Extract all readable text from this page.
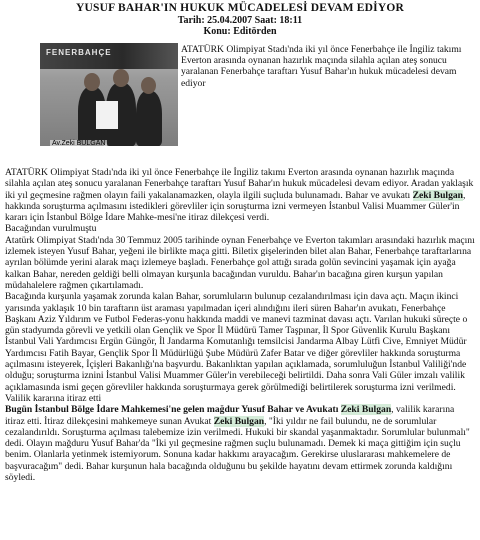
YUSUF BAHAR'IN HUKUK MÜCADELESİ DEVAM EDİYOR
Tarih: 25.04.2007 Saat: 18:11
Konu: Editörden
FENERBAHÇE
Av.Zeki BULGAN
ATATÜRK Olimpiyat Stadı'nda iki yıl önce Fenerbahçe ile İngiliz takımı Everton arasında oynanan hazırlık maçında silahla açılan ateş sonucu yaralanan Fenerbahçe taraftarı Yusuf Bahar'ın hukuk mücadelesi devam ediyor

ATATÜRK Olimpiyat Stadı'nda iki yıl önce Fenerbahçe ile İngiliz takımı Everton arasında oynanan hazırlık maçında silahla açılan ateş sonucu yaralanan Fenerbahçe taraftarı Yusuf Bahar'ın hukuk mücadelesi devam ediyor. Aradan yaklaşık iki yıl geçmesine rağmen olayın faili yakalanamazken, olayla ilgili suçluda bulunamadı. Bahar ve avukatı Zeki Bulgan, hakkında soruşturma açılmasını istedikleri görevliler için soruşturma izni vermeyen İstanbul Valisi Muammer Güler'in kararı için İstanbul Bölge İdare Mahke-mesi'ne itiraz dilekçesi verdi.

Bacağından vurulmuştu

Atatürk Olimpiyat Stadı'nda 30 Temmuz 2005 tarihinde oynan Fenerbahçe ve Everton takımları arasındaki hazırlık maçını izlemek isteyen Yusuf Bahar, yeğeni ile birlikte maça gitti. Biletix gişelerinden bilet alan Bahar, Fenerbahçe taraftarlarına ayrılan bölümde yerini alarak maçı izlemeye başladı. Fenerbahçe gol attığı sırada golün sevincini yaşamak için ayağa kalkan Bahar, nereden geldiği belli olmayan kurşunla bacağından vuruldu. Bahar'ın bacağına giren kurşun yapılan müdahalelere rağmen çıkartılamadı.

Bacağında kurşunla yaşamak zorunda kalan Bahar, sorumluların bulunup cezalandırılması için dava açtı. Maçın ikinci yarısında yaklaşık 10 bin taraftarın üst araması yapılmadan içeri alındığını ileri süren Bahar'ın avukatı, Fenerbahçe Başkanı Aziz Yıldırım ve Futbol Federas-yonu hakkında maddi ve manevi tazminat davası açtı. Varılan hukuki süreçte o gün stadyumda görevli ve yetkili olan Gençlik ve Spor İl Müdürü Tamer Taşpınar, İl Spor Güvenlik Kurulu Başkanı İstanbul Vali Yardımcısı Ergün Güngör, İl Jandarma Komutanlığı temsilcisi Jandarma Albay Lütfi Cive, Emniyet Müdür Yardımcısı Fatih Bayar, Gençlik Spor İl Müdürlüğü Şube Müdürü Zafer Batar ve diğer görevliler hakkında soruşturma açılmasını isteyerek, İçişleri Bakanlığı'na başvurdu. Bakanlıktan yapılan açıklamada, sorumluluğun İstanbul Valiliği'nde olduğu; soruşturma iznini İstanbul Valisi Muammer Güler'in verebileceği belirtildi. Daha sonra Vali Güler imzalı valilik açıklamasında ismi geçen görevliler hakkında soruşturmaya gerek görülmediği belirtilerek soruşturma izni verilmedi.

Valilik kararına itiraz etti

Bugün İstanbul Bölge İdare Mahkemesi'ne gelen mağdur Yusuf Bahar ve Avukatı Zeki Bulgan, valilik kararına itiraz etti. İtiraz dilekçesini mahkemeye sunan Avukat Zeki Bulgan, "İki yıldır ne fail bulundu, ne de sorumlular cezalandırıldı. Soruşturma açılması talebemize izin verilmedi. Hukuki bir skandal yaşanmaktadır. Sorumlular bulunmalı" dedi. Olayın mağduru Yusuf Bahar'da "İki yıl geçmesine rağmen suçlu bulunamadı. Demek ki maça gittiğim için suçlu benim. Olanlarla yetinmek istemiyorum. Sonuna kadar hakkımı arayacağım. Gerekirse uluslararası mahkemelere de başvuracağım" dedi. Bahar kurşunun hala bacağında olduğunu bu şekilde hayatını devam ettirmek zorunda kaldığını söyledi.
